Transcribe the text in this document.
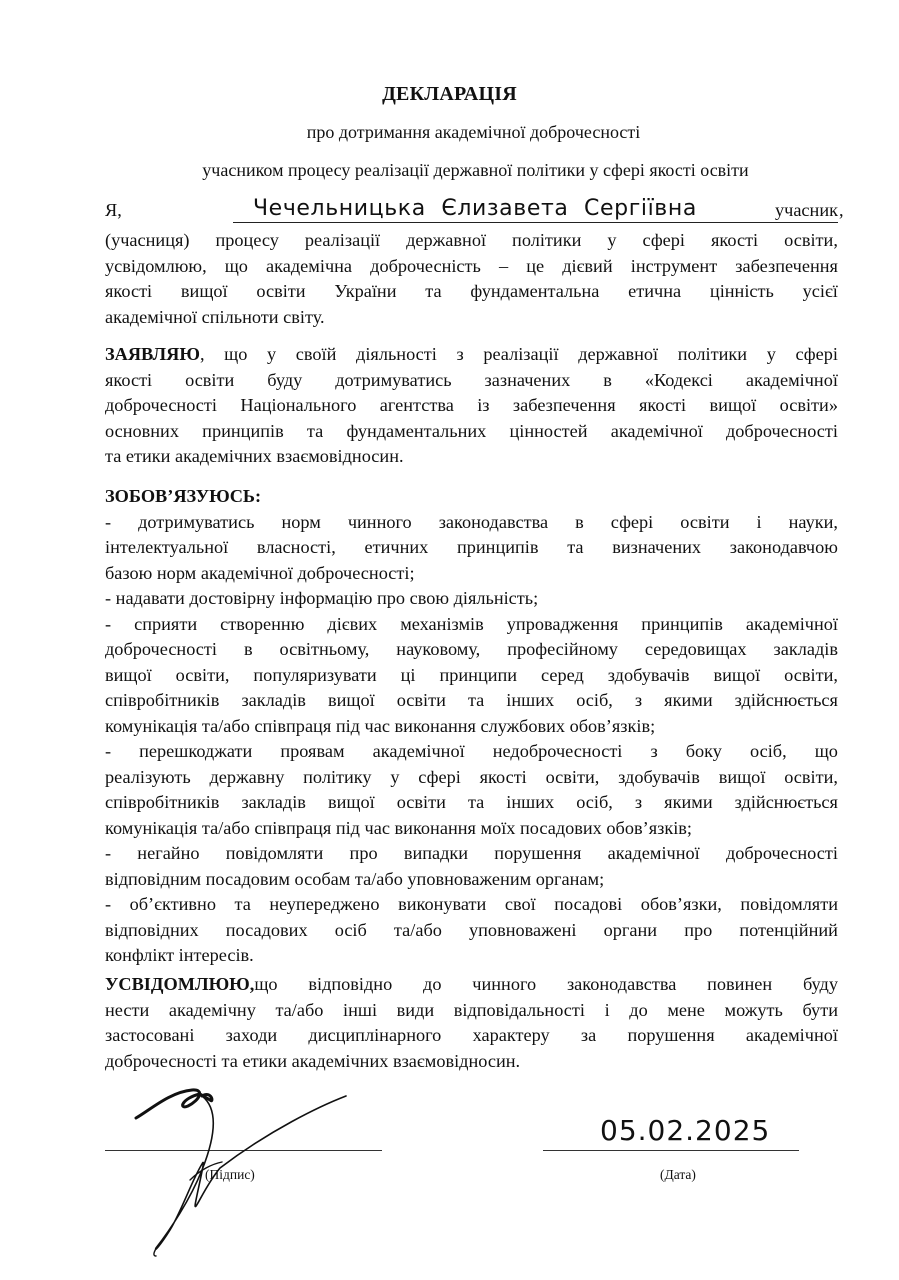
ДЕКЛАРАЦІЯ
про дотримання академічної доброчесності
учасником процесу реалізації державної політики у сфері якості освіти
Я,	Чечельницька Єлизавета Сергіївна	,
учасник
(учасниця) процесу реалізації державної політики у сфері якості освіти,
усвідомлюю, що академічна доброчесність – це дієвий інструмент забезпечення
якості вищої освіти України та фундаментальна етична цінність усієї
академічної спільноти світу.
ЗАЯВЛЯЮ , що у своїй діяльності з реалізації державної політики у сфері
якості освіти буду дотримуватись зазначених в «Кодексі академічної
доброчесності Національного агентства із забезпечення якості вищої освіти»
основних принципів та фундаментальних цінностей академічної доброчесності
та етики академічних взаємовідносин.
ЗОБОВ’ЯЗУЮСЬ:
- дотримуватись норм чинного законодавства в сфері освіти і науки,
інтелектуальної власності, етичних принципів та визначених законодавчою
базою норм академічної доброчесності;
- надавати достовірну інформацію про свою діяльність;
- сприяти створенню дієвих механізмів упровадження принципів академічної
доброчесності в освітньому, науковому, професійному середовищах закладів
вищої освіти, популяризувати ці принципи серед здобувачів вищої освіти,
співробітників закладів вищої освіти та інших осіб, з якими здійснюється
комунікація та/або співпраця під час виконання службових обов’язків;
- перешкоджати проявам академічної недоброчесності з боку осіб, що
реалізують державну політику у сфері якості освіти, здобувачів вищої освіти,
співробітників закладів вищої освіти та інших осіб, з якими здійснюється
комунікація та/або співпраця під час виконання моїх посадових обов’язків;
- негайно повідомляти про випадки порушення академічної доброчесності
відповідним посадовим особам та/або уповноваженим органам;
- об’єктивно та неупереджено виконувати свої посадові обов’язки, повідомляти
відповідних посадових осіб та/або уповноважені органи про потенційний
конфлікт інтересів.
УСВІДОМЛЮЮ, що відповідно до чинного законодавства повинен буду
нести академічну та/або інші види відповідальності і до мене можуть бути
застосовані заходи дисциплінарного характеру за порушення академічної
доброчесності та етики академічних взаємовідносин.
(Підпис)
05.02.2025
(Дата)
